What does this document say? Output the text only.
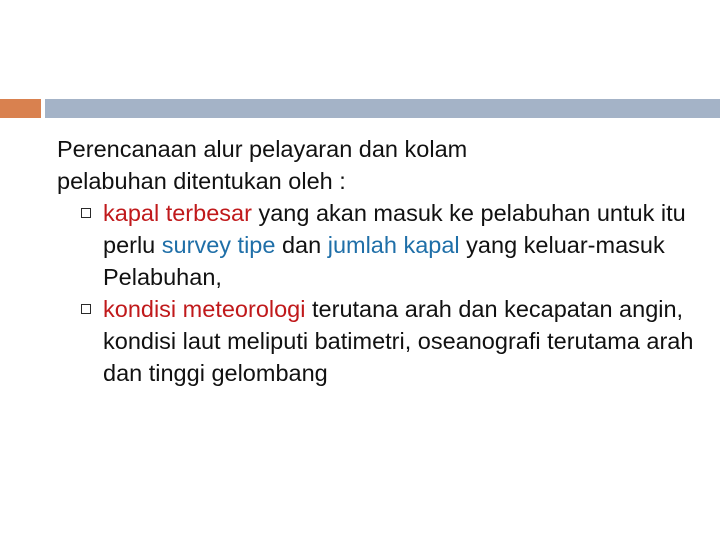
Perencanaan alur pelayaran dan kolam
pelabuhan ditentukan oleh :

kapal terbesar yang akan masuk ke pelabuhan untuk itu perlu survey tipe dan jumlah kapal yang keluar-masuk Pelabuhan,
kondisi meteorologi terutana arah dan kecapatan angin, kondisi laut meliputi batimetri, oseanografi terutama arah dan tinggi gelombang
